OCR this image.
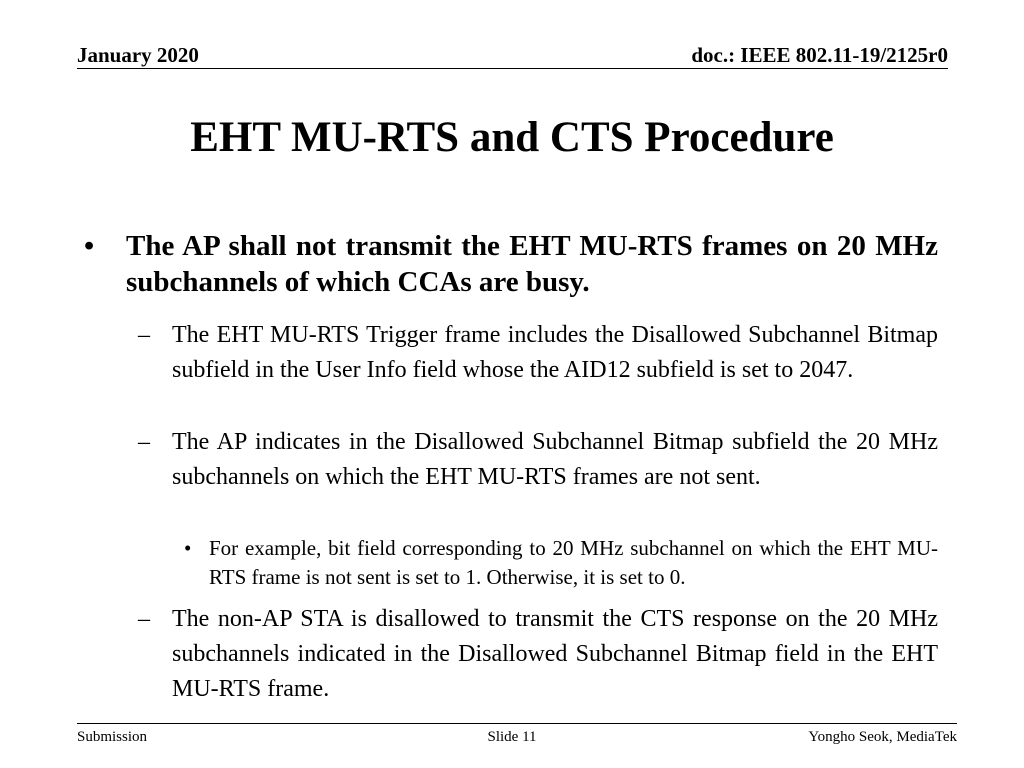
January 2020	doc.: IEEE 802.11-19/2125r0
EHT MU-RTS and CTS Procedure
•	The AP shall not transmit the EHT MU-RTS frames on 20 MHz subchannels of which CCAs are busy.
– The EHT MU-RTS Trigger frame includes the Disallowed Subchannel Bitmap subfield in the User Info field whose the AID12 subfield is set to 2047.
– The AP indicates in the Disallowed Subchannel Bitmap subfield the 20 MHz subchannels on which the EHT MU-RTS frames are not sent.
• For example, bit field corresponding to 20 MHz subchannel on which the EHT MU-RTS frame is not sent is set to 1. Otherwise, it is set to 0.
– The non-AP STA is disallowed to transmit the CTS response on the 20 MHz subchannels indicated in the Disallowed Subchannel Bitmap field in the EHT MU-RTS frame.
Submission	Slide 11	Yongho Seok, MediaTek
